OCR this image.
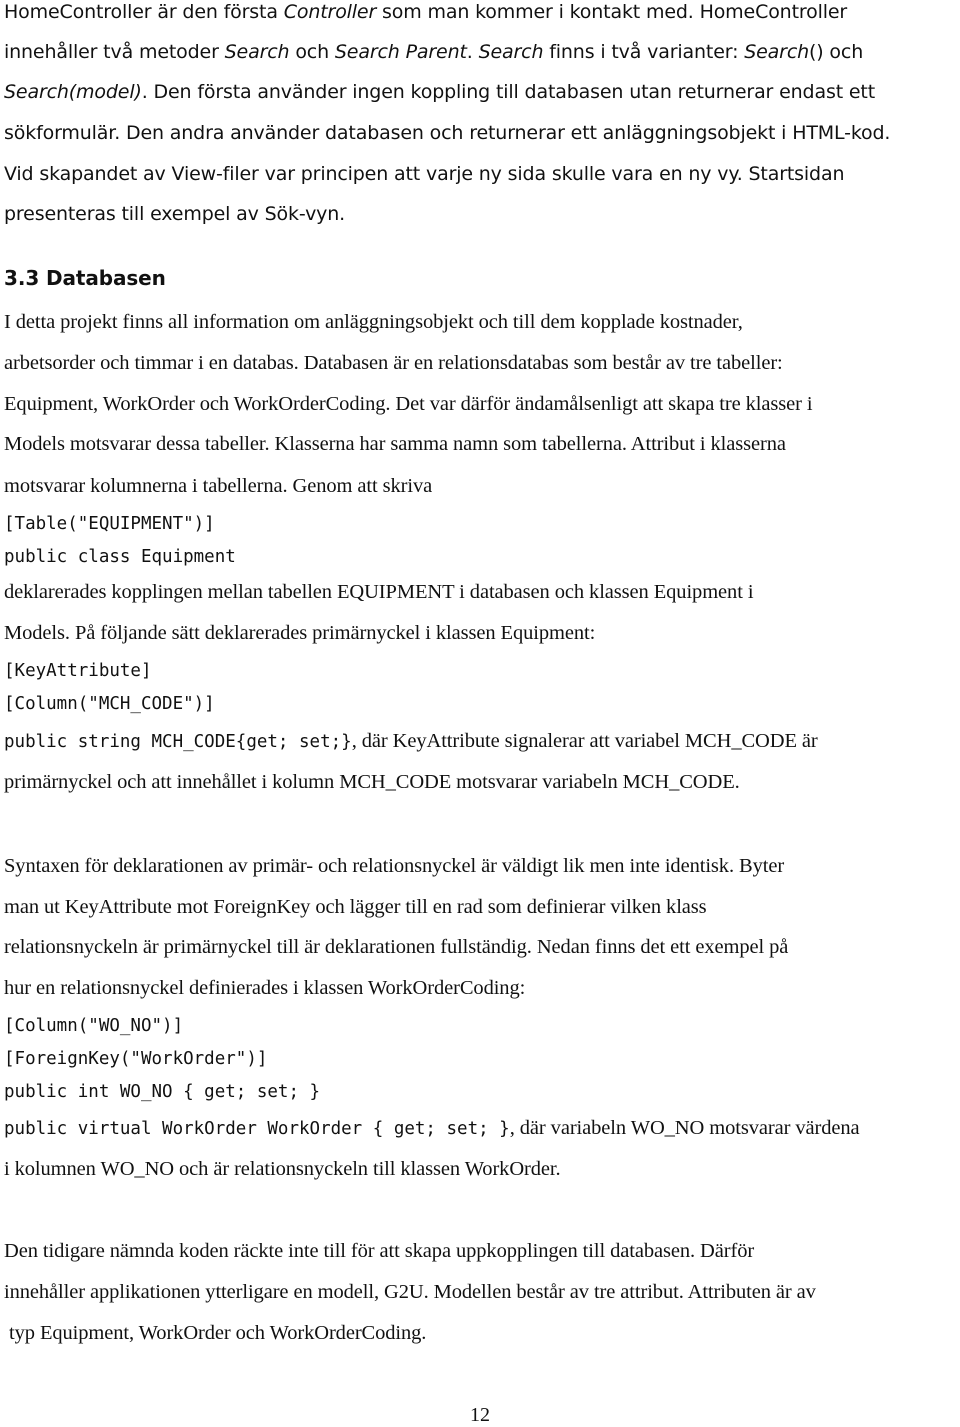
HomeController är den första Controller som man kommer i kontakt med. HomeController
innehåller två metoder Search och Search Parent. Search finns i två varianter: Search() och
Search(model). Den första använder ingen koppling till databasen utan returnerar endast ett
sökformulär. Den andra använder databasen och returnerar ett anläggningsobjekt i HTML-kod.
Vid skapandet av View-filer var principen att varje ny sida skulle vara en ny vy. Startsidan
presenteras till exempel av Sök-vyn.
3.3 Databasen
I detta projekt finns all information om anläggningsobjekt och till dem kopplade kostnader,
arbetsorder och timmar i en databas. Databasen är en relationsdatabas som består av tre tabeller:
Equipment, WorkOrder och WorkOrderCoding. Det var därför ändamålsenligt att skapa tre klasser i
Models motsvarar dessa tabeller. Klasserna har samma namn som tabellerna. Attribut i klasserna
motsvarar kolumnerna i tabellerna. Genom att skriva
[Table("EQUIPMENT")]
public class Equipment
deklarerades kopplingen mellan tabellen EQUIPMENT i databasen och klassen Equipment i
Models. På följande sätt deklarerades primärnyckel i klassen Equipment:
[KeyAttribute]
[Column("MCH_CODE")]
public string MCH_CODE{get; set;}, där KeyAttribute signalerar att variabel MCH_CODE är
primärnyckel och att innehållet i kolumn MCH_CODE motsvarar variabeln MCH_CODE.
Syntaxen för deklarationen av primär- och relationsnyckel är väldigt lik men inte identisk. Byter
man ut KeyAttribute mot ForeignKey och lägger till en rad som definierar vilken klass
relationsnyckeln är primärnyckel till är deklarationen fullständig. Nedan finns det ett exempel på
hur en relationsnyckel definierades i klassen WorkOrderCoding:
[Column("WO_NO")]
[ForeignKey("WorkOrder")]
public int WO_NO { get; set; }
public virtual WorkOrder WorkOrder { get; set; }, där variabeln WO_NO motsvarar värdena
i kolumnen WO_NO och är relationsnyckeln till klassen WorkOrder.
Den tidigare nämnda koden räckte inte till för att skapa uppkopplingen till databasen. Därför
innehåller applikationen ytterligare en modell, G2U. Modellen består av tre attribut. Attributen är av
typ Equipment, WorkOrder och WorkOrderCoding.
12
